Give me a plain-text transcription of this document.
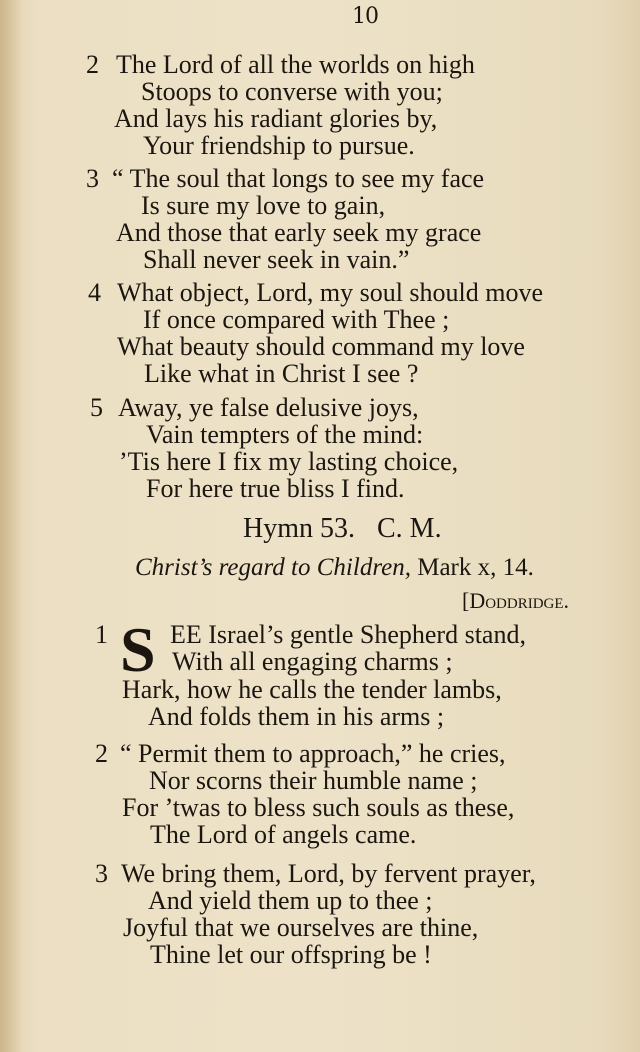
10
2 The Lord of all the worlds on high
Stoops to converse with you;
And lays his radiant glories by,
Your friendship to pursue.
3 “ The soul that longs to see my face
Is sure my love to gain,
And those that early seek my grace
Shall never seek in vain.”
4 What object, Lord, my soul should move
If once compared with Thee ;
What beauty should command my love
Like what in Christ I see ?
5 Away, ye false delusive joys,
Vain tempters of the mind:
’Tis here I fix my lasting choice,
For here true bliss I find.
Hymn 53. C. M.
Christ’s regard to Children, Mark x, 14.
[Doddridge.
1 S EE Israel’s gentle Shepherd stand,
With all engaging charms ;
Hark, how he calls the tender lambs,
And folds them in his arms ;
2 “ Permit them to approach,” he cries,
Nor scorns their humble name ;
For ’twas to bless such souls as these,
The Lord of angels came.
3 We bring them, Lord, by fervent prayer,
And yield them up to thee ;
Joyful that we ourselves are thine,
Thine let our offspring be !
